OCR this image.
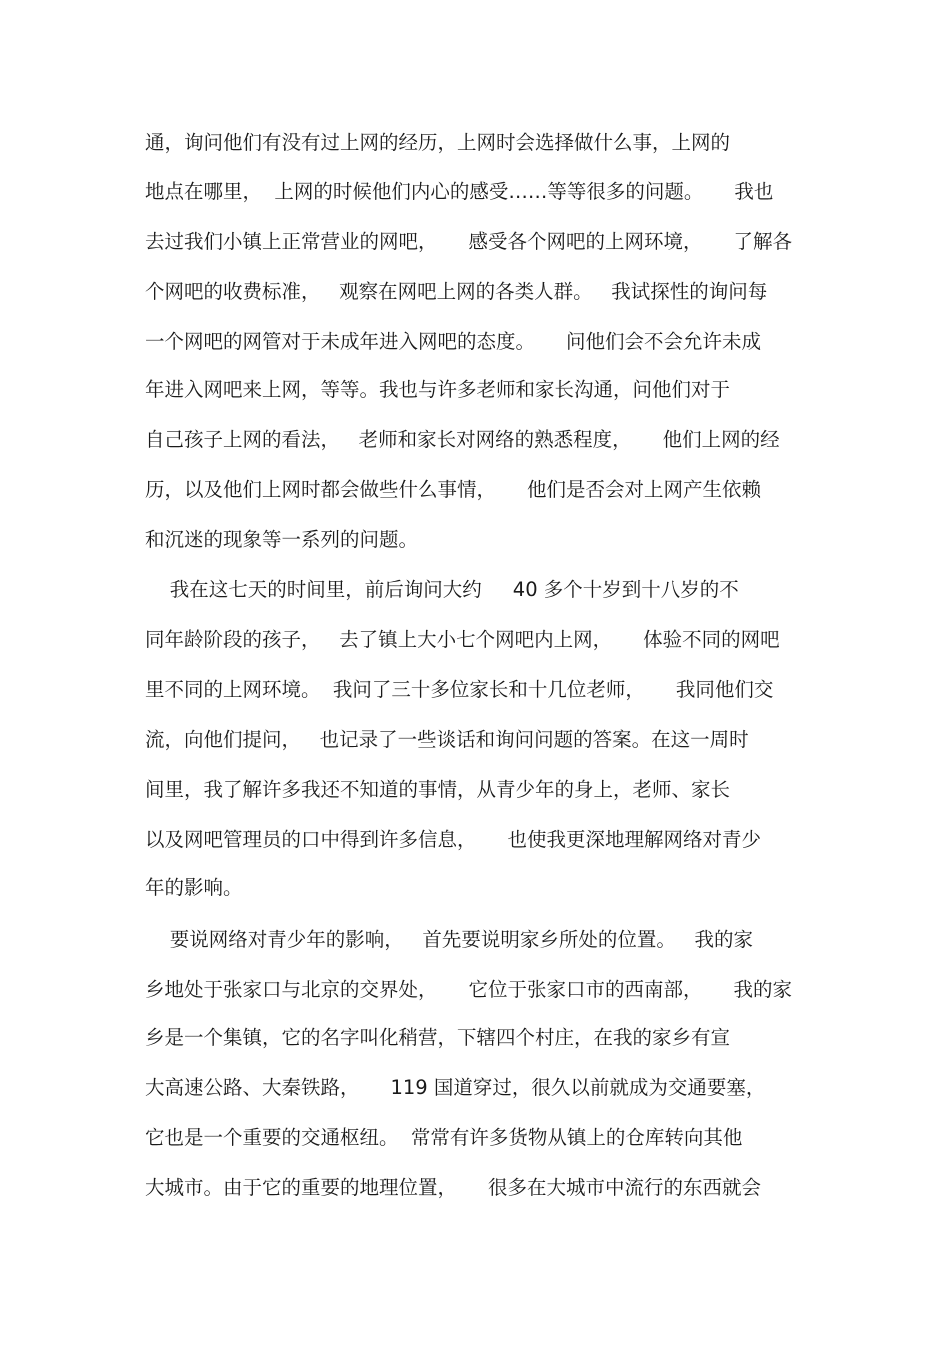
通，询问他们有没有过上网的经历，上网时会选择做什么事，上网的
地点在哪里，  上网的时候他们内心的感受……等等很多的问题。     我也
去过我们小镇上正常营业的网吧，     感受各个网吧的上网环境，     了解各
个网吧的收费标准，   观察在网吧上网的各类人群。   我试探性的询问每
一个网吧的网管对于未成年进入网吧的态度。     问他们会不会允许未成
年进入网吧来上网，等等。我也与许多老师和家长沟通，问他们对于
自己孩子上网的看法，   老师和家长对网络的熟悉程度，     他们上网的经
历，以及他们上网时都会做些什么事情，     他们是否会对上网产生依赖
和沉迷的现象等一系列的问题。
我在这七天的时间里，前后询问大约     40 多个十岁到十八岁的不
同年龄阶段的孩子，   去了镇上大小七个网吧内上网，     体验不同的网吧
里不同的上网环境。  我问了三十多位家长和十几位老师，     我同他们交
流，向他们提问，   也记录了一些谈话和询问问题的答案。在这一周时
间里，我了解许多我还不知道的事情，从青少年的身上，老师、家长
以及网吧管理员的口中得到许多信息，     也使我更深地理解网络对青少
年的影响。
要说网络对青少年的影响，   首先要说明家乡所处的位置。   我的家
乡地处于张家口与北京的交界处，     它位于张家口市的西南部，     我的家
乡是一个集镇，它的名字叫化稍营，下辖四个村庄，在我的家乡有宣
大高速公路、大秦铁路，     119 国道穿过，很久以前就成为交通要塞，
它也是一个重要的交通枢纽。  常常有许多货物从镇上的仓库转向其他
大城市。由于它的重要的地理位置，     很多在大城市中流行的东西就会
